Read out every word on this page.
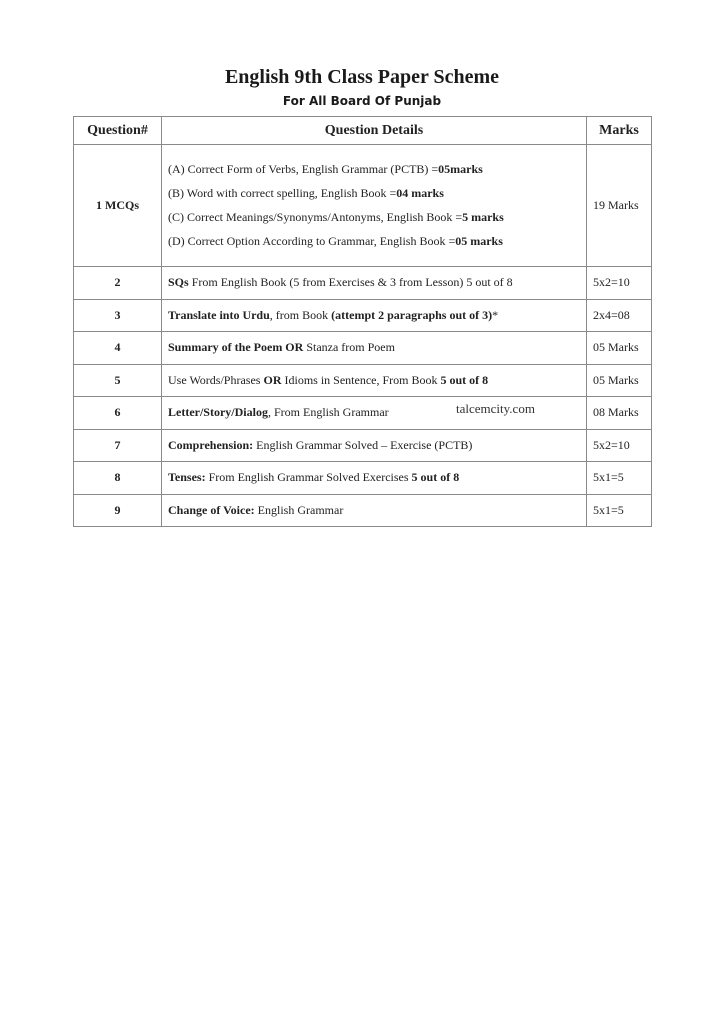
English 9th Class Paper Scheme
For All Board Of Punjab
Question#	Question Details	Marks
1 MCQs	(A) Correct Form of Verbs, English Grammar (PCTB) =05marks
(B) Word with correct spelling, English Book =04 marks
(C) Correct Meanings/Synonyms/Antonyms, English Book =5 marks
(D) Correct Option According to Grammar, English Book =05 marks	19 Marks
2	SQs From English Book (5 from Exercises & 3 from Lesson) 5 out of 8	5x2=10
3	Translate into Urdu, from Book (attempt 2 paragraphs out of 3)*	2x4=08
4	Summary of the Poem OR Stanza from Poem	05 Marks
5	Use Words/Phrases OR Idioms in Sentence, From Book 5 out of 8	05 Marks
6	Letter/Story/Dialog, From English Grammar	08 Marks
7	Comprehension: English Grammar Solved – Exercise (PCTB)	5x2=10
8	Tenses: From English Grammar Solved Exercises 5 out of 8	5x1=5
9	Change of Voice: English Grammar	5x1=5
talcemcity.com
